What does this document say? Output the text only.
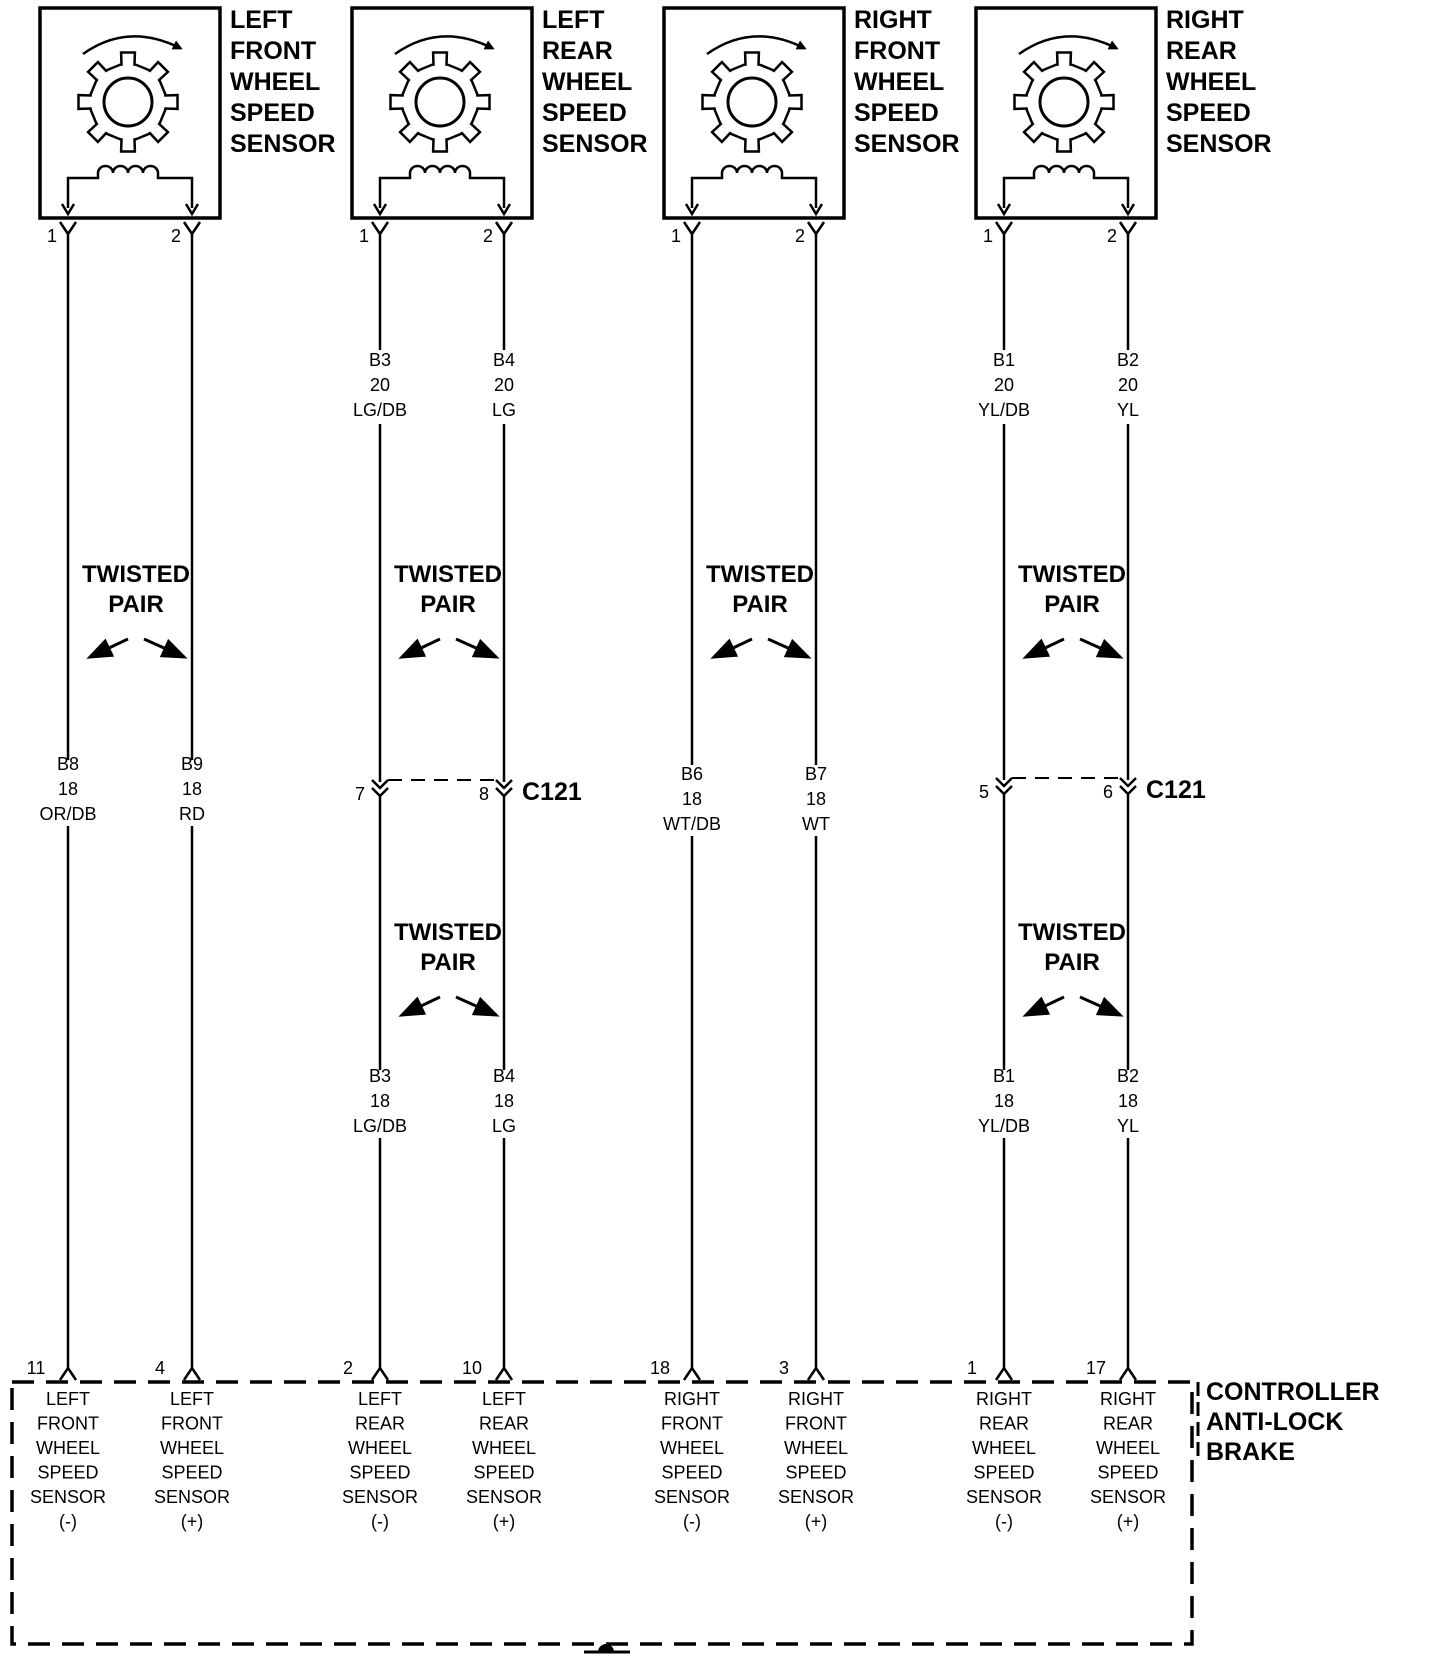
LEFT
FRONT
WHEEL
SPEED
SENSOR
1	2
LEFT
REAR
WHEEL
SPEED
SENSOR
1	2
RIGHT
FRONT
WHEEL
SPEED
SENSOR
1	2
RIGHT
REAR
WHEEL
SPEED
SENSOR
1	2
B8
18
OR/DB
B9
18
RD
TWISTED
PAIR
B6
18
WT/DB
B7
18
WT
TWISTED
PAIR
B3
20
LG/DB
B4
20
LG
TWISTED
PAIR
7	8 C121
TWISTED
PAIR
B3
18
LG/DB
B4
18
LG
B1
20
YL/DB
B2
20
YL
TWISTED
PAIR
5	6 C121
TWISTED
PAIR
B1
18
YL/DB
B2
18
YL
CONTROLLER
ANTI-LOCK
BRAKE
11
LEFT
FRONT
WHEEL
SPEED
SENSOR
(-)
4
LEFT
FRONT
WHEEL
SPEED
SENSOR
(+)
2
LEFT
REAR
WHEEL
SPEED
SENSOR
(-)
10
LEFT
REAR
WHEEL
SPEED
SENSOR
(+)
18
RIGHT
FRONT
WHEEL
SPEED
SENSOR
(-)
3
RIGHT
FRONT
WHEEL
SPEED
SENSOR
(+)
1
RIGHT
REAR
WHEEL
SPEED
SENSOR
(-)
17
RIGHT
REAR
WHEEL
SPEED
SENSOR
(+)
